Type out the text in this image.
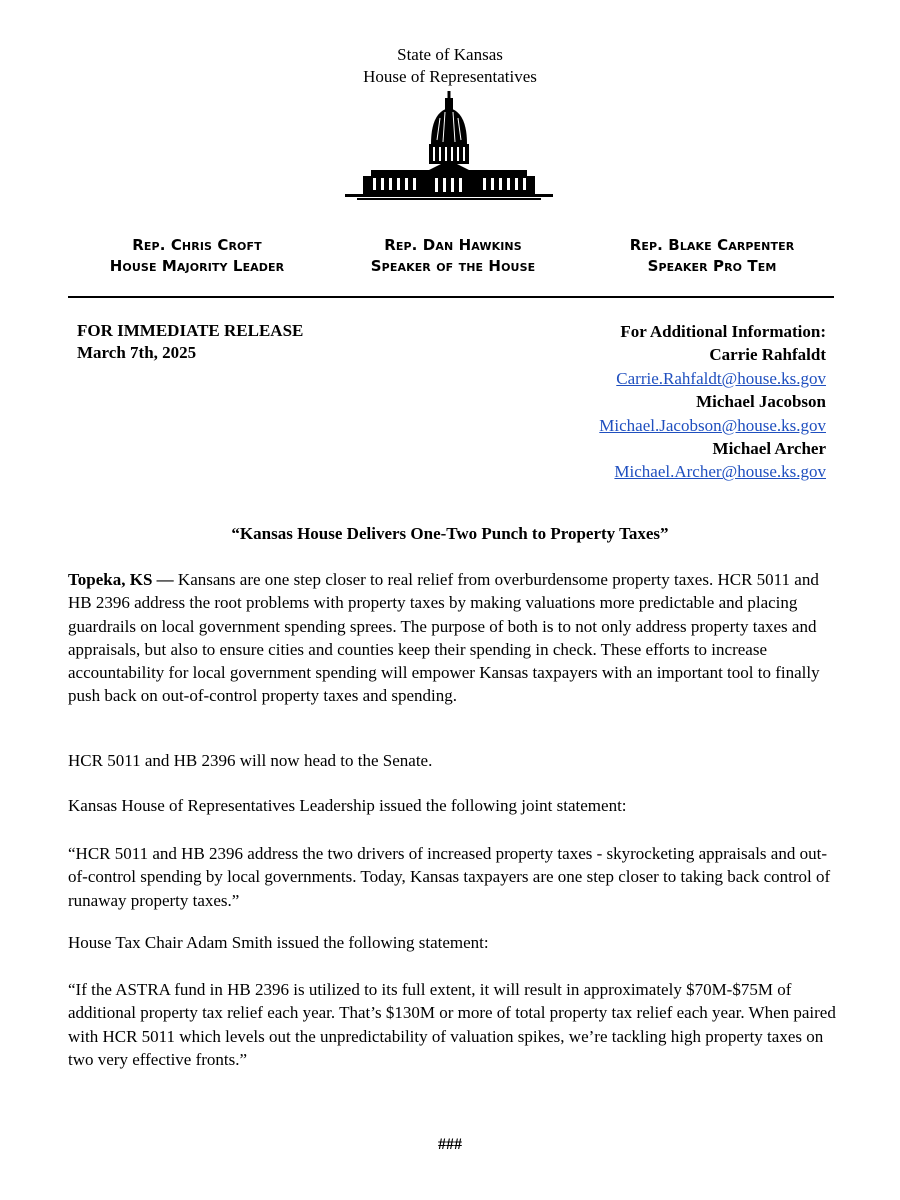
State of Kansas
House of Representatives
Rep. Chris Croft
House Majority Leader
Rep. Dan Hawkins
Speaker of the House
Rep. Blake Carpenter
Speaker Pro Tem
FOR IMMEDIATE RELEASE
March 7th, 2025
For Additional Information:
Carrie Rahfaldt
Carrie.Rahfaldt@house.ks.gov
Michael Jacobson
Michael.Jacobson@house.ks.gov
Michael Archer
Michael.Archer@house.ks.gov
“Kansas House Delivers One-Two Punch to Property Taxes”
Topeka, KS — Kansans are one step closer to real relief from overburdensome property taxes. HCR 5011 and HB 2396 address the root problems with property taxes by making valuations more predictable and placing guardrails on local government spending sprees. The purpose of both is to not only address property taxes and appraisals, but also to ensure cities and counties keep their spending in check. These efforts to increase accountability for local government spending will empower Kansas taxpayers with an important tool to finally push back on out-of-control property taxes and spending.
HCR 5011 and HB 2396 will now head to the Senate.
Kansas House of Representatives Leadership issued the following joint statement:
“HCR 5011 and HB 2396 address the two drivers of increased property taxes - skyrocketing appraisals and out-of-control spending by local governments. Today, Kansas taxpayers are one step closer to taking back control of runaway property taxes.”
House Tax Chair Adam Smith issued the following statement:
“If the ASTRA fund in HB 2396 is utilized to its full extent, it will result in approximately $70M-$75M of additional property tax relief each year. That’s $130M or more of total property tax relief each year. When paired with HCR 5011 which levels out the unpredictability of valuation spikes, we’re tackling high property taxes on two very effective fronts.”
###
